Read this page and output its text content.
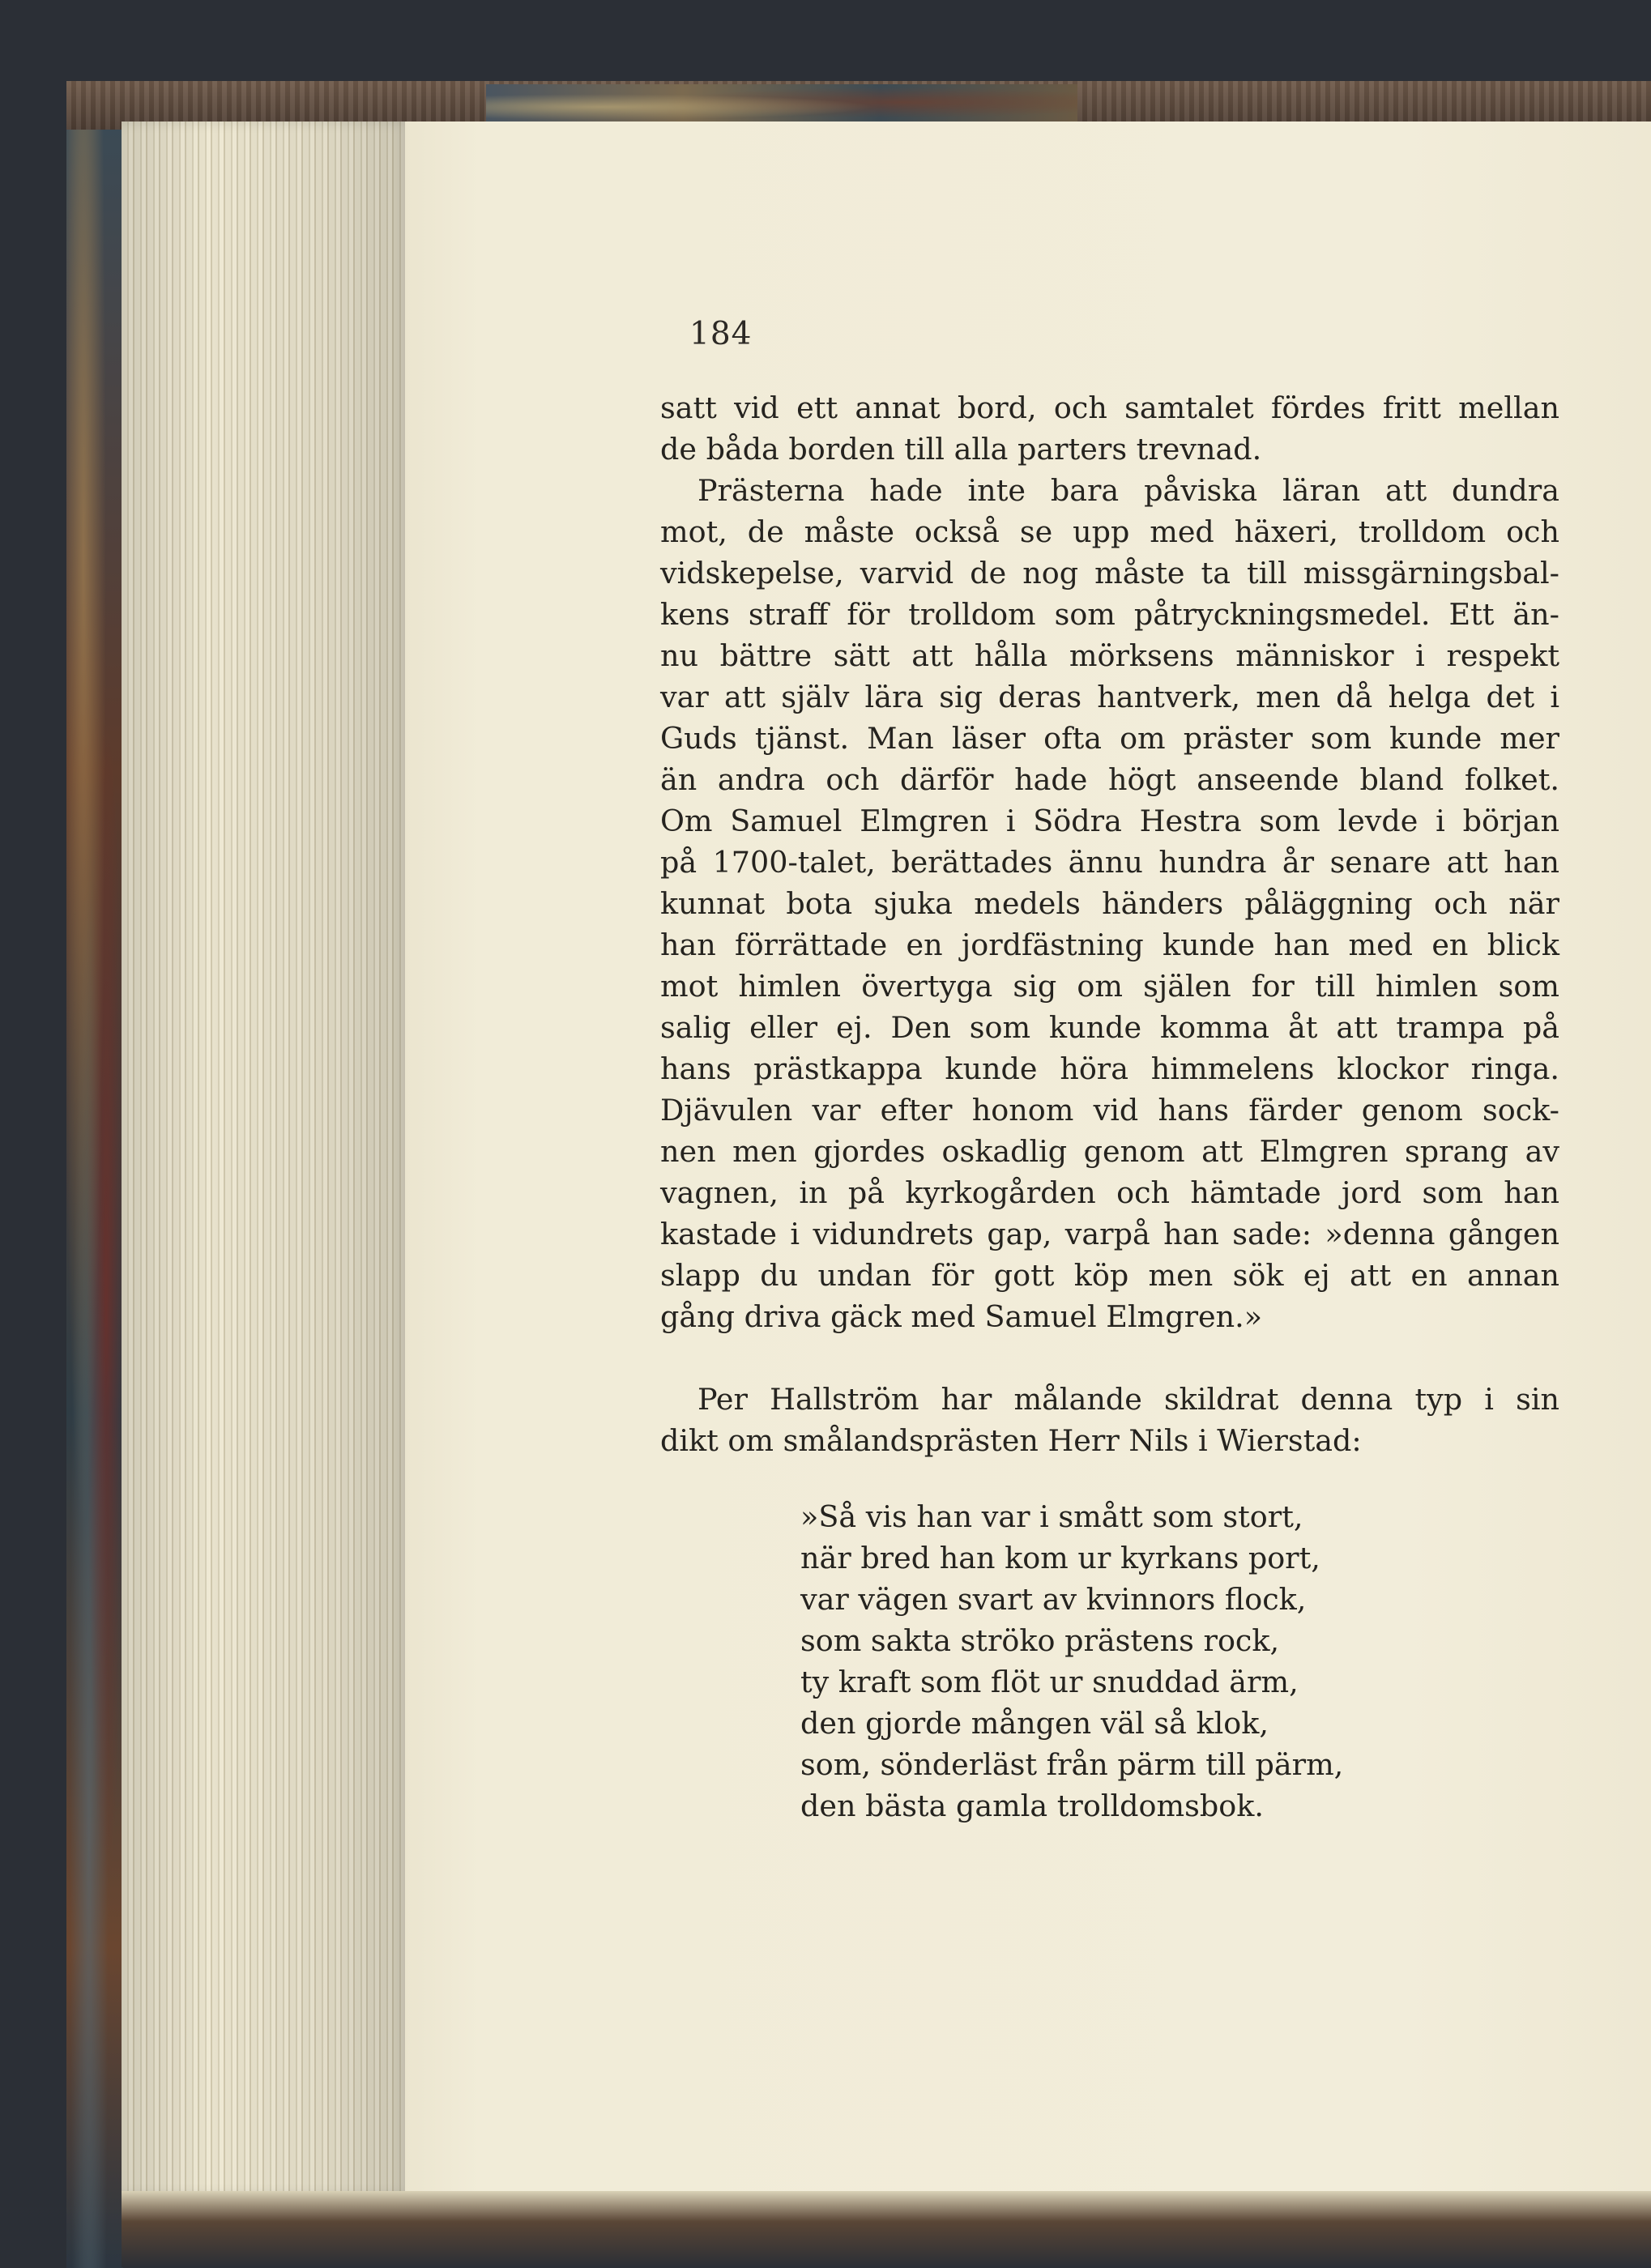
184
satt vid ett annat bord, och samtalet fördes fritt mellan
de båda borden till alla parters trevnad.
Prästerna hade inte bara påviska läran att dundra
mot, de måste också se upp med häxeri, trolldom och
vidskepelse, varvid de nog måste ta till missgärningsbal-
kens straff för trolldom som påtryckningsmedel. Ett än-
nu bättre sätt att hålla mörksens människor i respekt
var att själv lära sig deras hantverk, men då helga det i
Guds tjänst. Man läser ofta om präster som kunde mer
än andra och därför hade högt anseende bland folket.
Om Samuel Elmgren i Södra Hestra som levde i början
på 1700-talet, berättades ännu hundra år senare att han
kunnat bota sjuka medels händers påläggning och när
han förrättade en jordfästning kunde han med en blick
mot himlen övertyga sig om själen for till himlen som
salig eller ej. Den som kunde komma åt att trampa på
hans prästkappa kunde höra himmelens klockor ringa.
Djävulen var efter honom vid hans färder genom sock-
nen men gjordes oskadlig genom att Elmgren sprang av
vagnen, in på kyrkogården och hämtade jord som han
kastade i vidundrets gap, varpå han sade: »denna gången
slapp du undan för gott köp men sök ej att en annan
gång driva gäck med Samuel Elmgren.»
Per Hallström har målande skildrat denna typ i sin
dikt om smålandsprästen Herr Nils i Wierstad:
»Så vis han var i smått som stort,
när bred han kom ur kyrkans port,
var vägen svart av kvinnors flock,
som sakta ströko prästens rock,
ty kraft som flöt ur snuddad ärm,
den gjorde mången väl så klok,
som, sönderläst från pärm till pärm,
den bästa gamla trolldomsbok.
